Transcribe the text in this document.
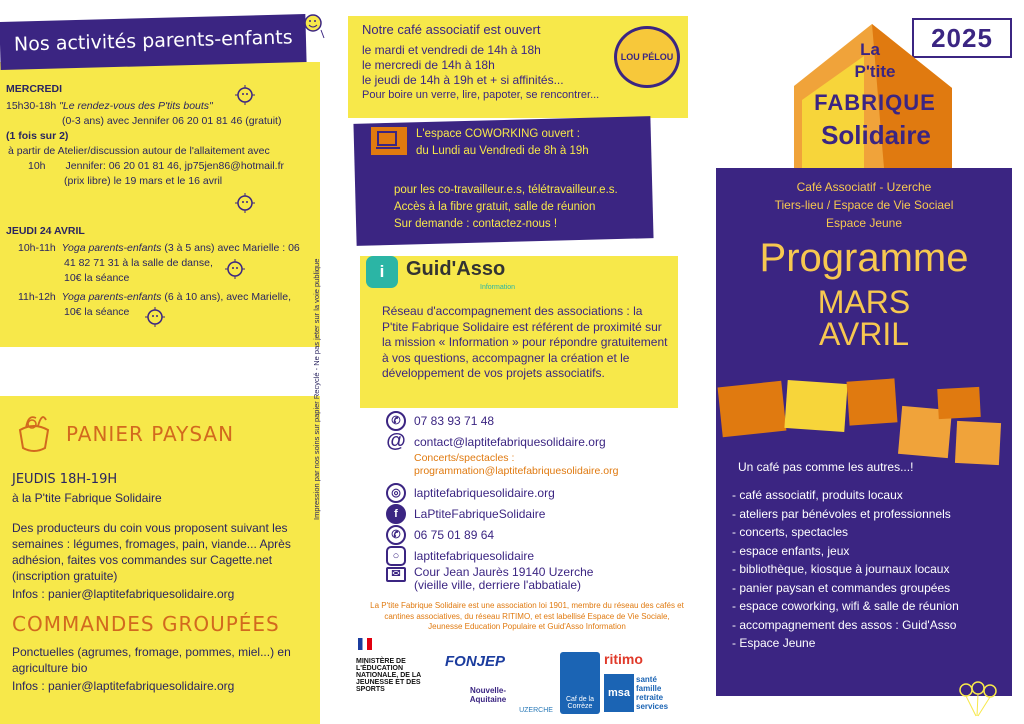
Nos activités parents-enfants
MERCREDI
15h30-18h "Le rendez-vous des P'tits bouts"
(0-3 ans) avec Jennifer 06 20 01 81 46 (gratuit)
(1 fois sur 2)
à partir de Atelier/discussion autour de l'allaitement avec
10h Jennifer: 06 20 01 81 46, jp75jen86@hotmail.fr
(prix libre) le 19 mars et le 16 avril
JEUDI 24 AVRIL
10h-11h Yoga parents-enfants (3 à 5 ans) avec Marielle : 06
41 82 71 31 à la salle de danse,
10€ la séance
11h-12h Yoga parents-enfants (6 à 10 ans), avec Marielle,
10€ la séance
PANIER PAYSAN
JEUDIS 18H-19H
à la P'tite Fabrique Solidaire
Des producteurs du coin vous proposent suivant les semaines : légumes, fromages, pain, viande... Après adhésion, faites vos commandes sur Cagette.net (inscription gratuite)
Infos : panier@laptitefabriquesolidaire.org
COMMANDES GROUPÉES
Ponctuelles (agrumes, fromage, pommes, miel...) en agriculture bio
Infos : panier@laptitefabriquesolidaire.org
Impression par nos soins sur papier Recyclé - Ne pas jeter sur la voie publique
Notre café associatif est ouvert
le mardi et vendredi de 14h à 18h
le mercredi de 14h à 18h
le jeudi de 14h à 19h et + si affinités...
Pour boire un verre, lire, papoter, se rencontrer...
LOU PÉLOU
L'espace COWORKING ouvert :
du Lundi au Vendredi de 8h à 19h
pour les co-travailleur.e.s, télétravailleur.e.s.
Accès à la fibre gratuit, salle de réunion
Sur demande : contactez-nous !
i	Guid'Asso
Information
Réseau d'accompagnement des associations : la P'tite Fabrique Solidaire est référent de proximité sur la mission « Information » pour répondre gratuitement à vos questions, accompagner la création et le développement de vos projets associatifs.
✆	07 83 93 71 48
@ contact@laptitefabriquesolidaire.org
Concerts/spectacles :
programmation@laptitefabriquesolidaire.org
◎	laptitefabriquesolidaire.org
f	LaPtiteFabriqueSolidaire
✆	06 75 01 89 64
○	laptitefabriquesolidaire
✉	Cour Jean Jaurès 19140 Uzerche
(vieille ville, derriere l'abbatiale)
La P'tite Fabrique Solidaire est une association loi 1901, membre du réseau des cafés et cantines associatives, du réseau RITIMO, et est labellisé Espace de Vie Sociale, Jeunesse Education Populaire et Guid'Asso Information
MINISTÈRE DE L'ÉDUCATION NATIONALE, DE LA JEUNESSE ET DES SPORTS
FONJEP
Nouvelle-Aquitaine
UZERCHE
Caf de la Corrèze
ritimo
msa
santé famille retraite services
2025
La
P'tite
FABRIQUE
Solidaire
Café Associatif - Uzerche
Tiers-lieu / Espace de Vie Sociael
Espace Jeune
Programme
MARS
AVRIL
Un café pas comme les autres...!
- café associatif, produits locaux
- ateliers par bénévoles et professionnels
- concerts, spectacles
- espace enfants, jeux
- bibliothèque, kiosque à journaux locaux
- panier paysan et commandes groupées
- espace coworking, wifi & salle de réunion
- accompagnement des assos : Guid'Asso
- Espace Jeune
